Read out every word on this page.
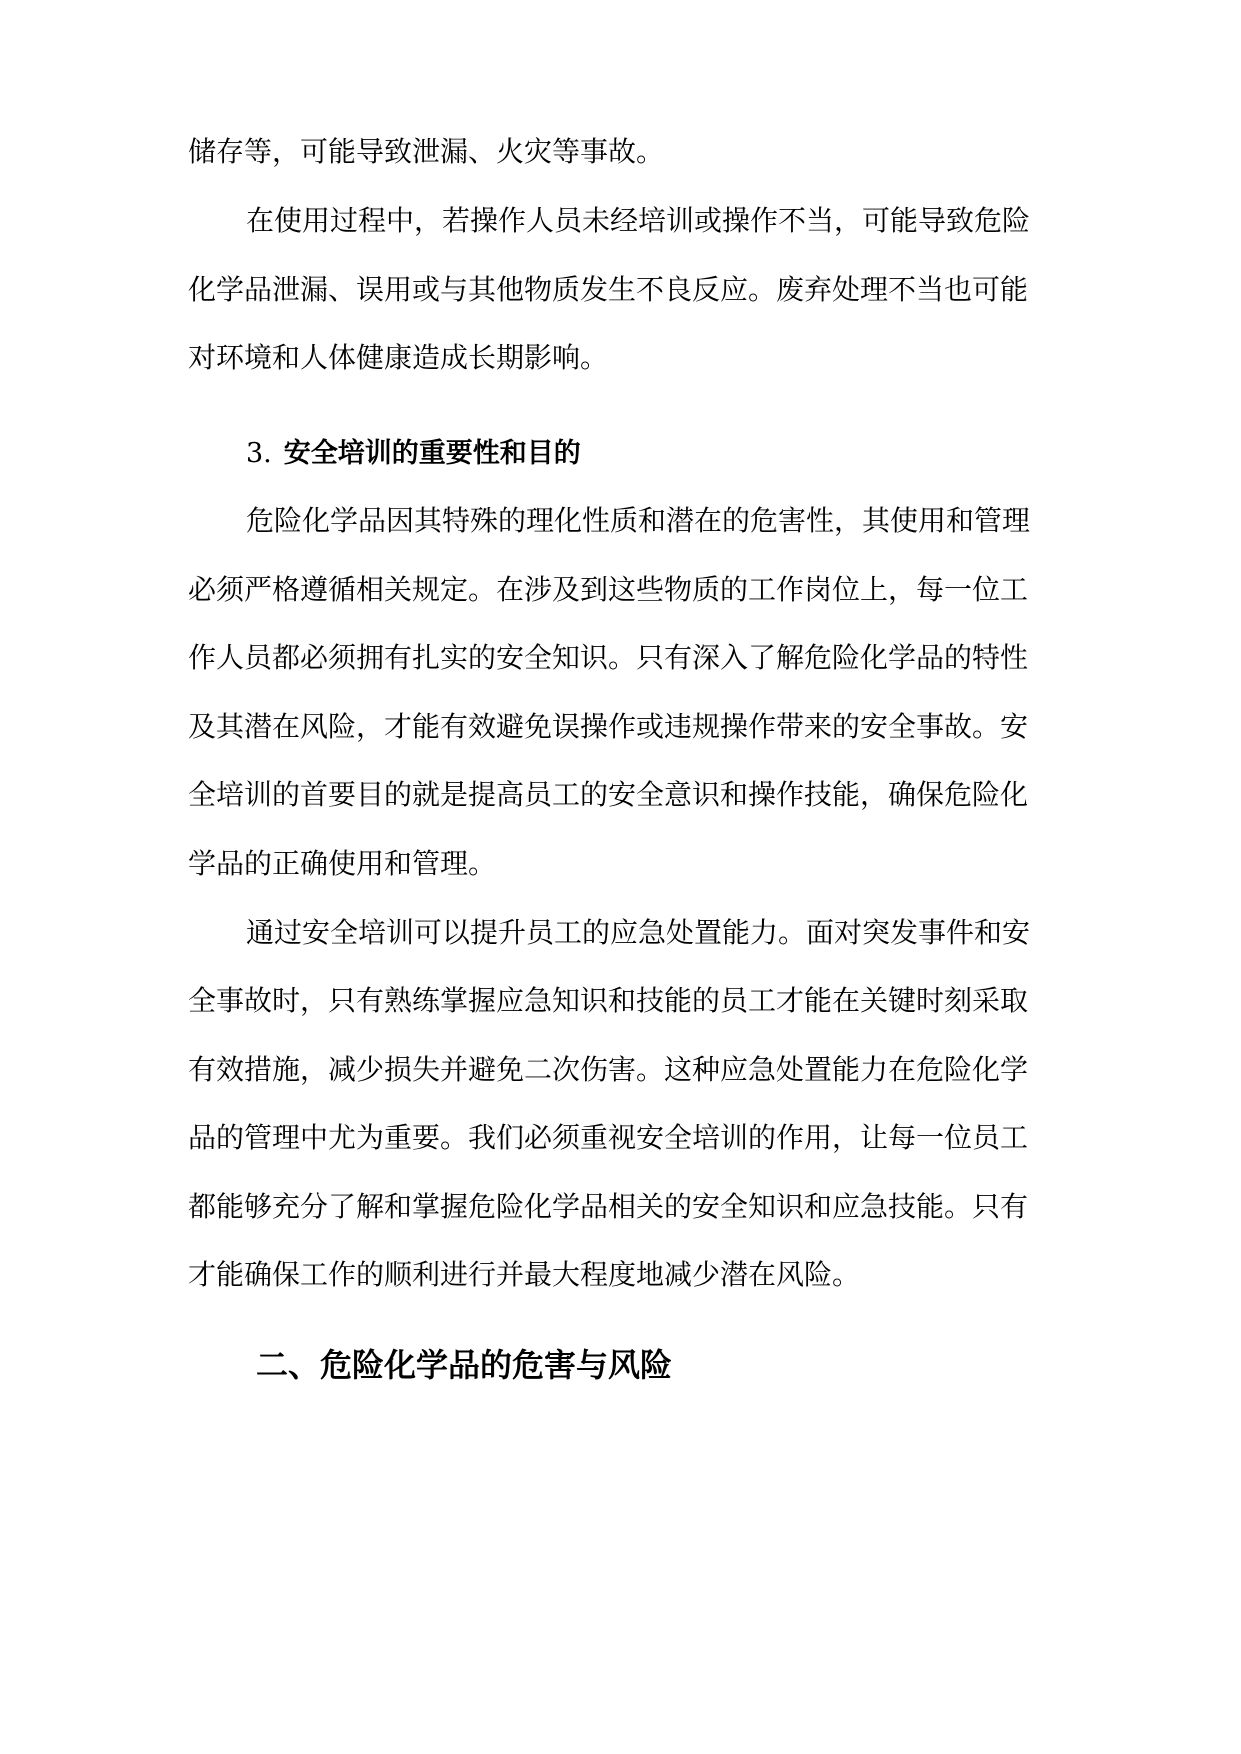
储存等，可能导致泄漏、火灾等事故。
在使用过程中，若操作人员未经培训或操作不当，可能导致危险
化学品泄漏、误用或与其他物质发生不良反应。废弃处理不当也可能
对环境和人体健康造成长期影响。
3. 安全培训的重要性和目的
危险化学品因其特殊的理化性质和潜在的危害性，其使用和管理
必须严格遵循相关规定。在涉及到这些物质的工作岗位上，每一位工
作人员都必须拥有扎实的安全知识。只有深入了解危险化学品的特性
及其潜在风险，才能有效避免误操作或违规操作带来的安全事故。安
全培训的首要目的就是提高员工的安全意识和操作技能，确保危险化
学品的正确使用和管理。
通过安全培训可以提升员工的应急处置能力。面对突发事件和安
全事故时，只有熟练掌握应急知识和技能的员工才能在关键时刻采取
有效措施，减少损失并避免二次伤害。这种应急处置能力在危险化学
品的管理中尤为重要。我们必须重视安全培训的作用，让每一位员工
都能够充分了解和掌握危险化学品相关的安全知识和应急技能。只有
才能确保工作的顺利进行并最大程度地减少潜在风险。
二、危险化学品的危害与风险
